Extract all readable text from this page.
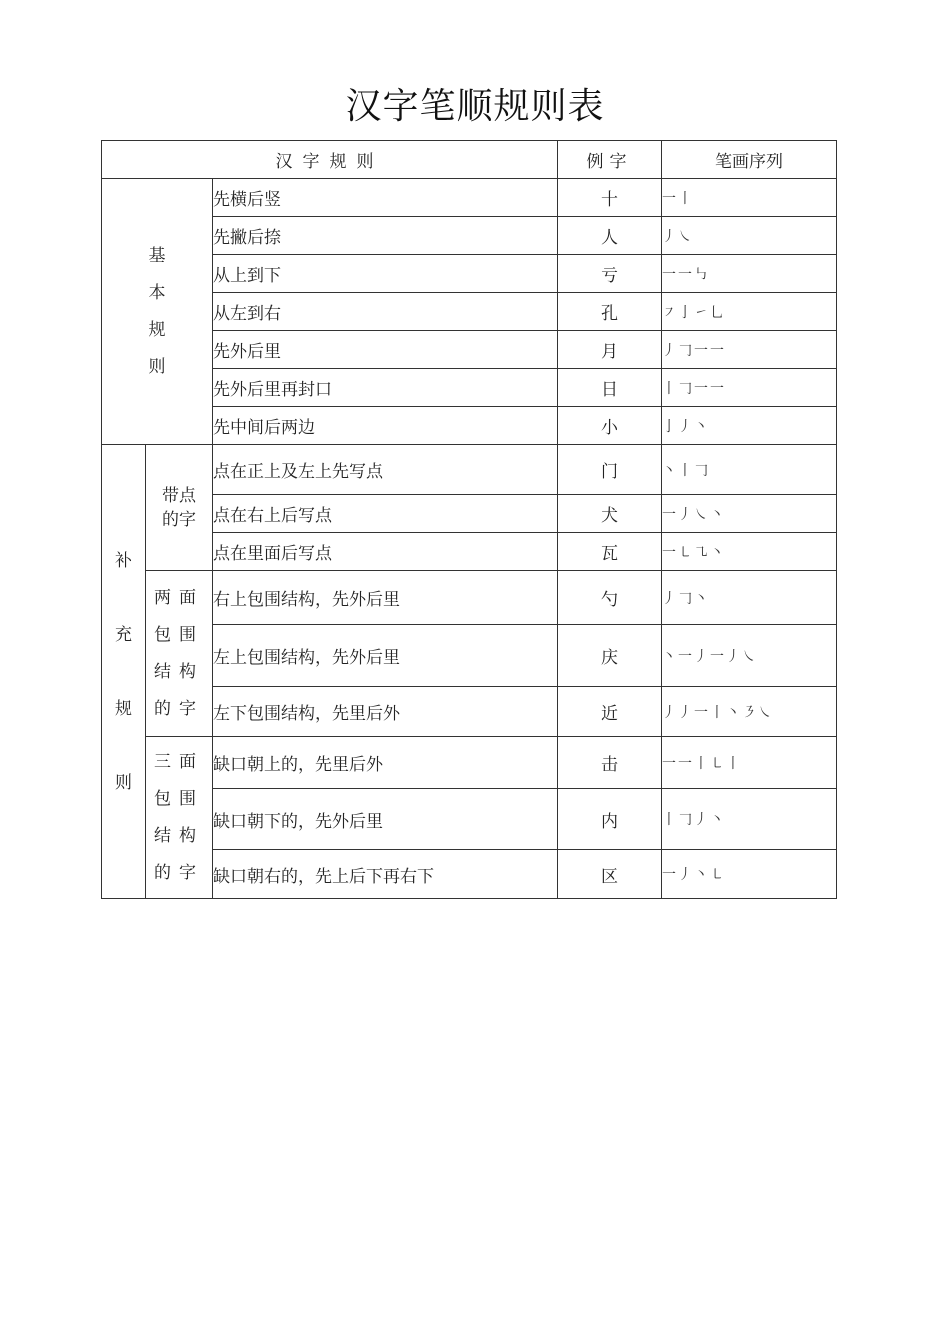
汉字笔顺规则表
汉字规则			例字	笔画序列

基
本
规
则		先横后竖	十	一丨
		先撇后捺	人	丿㇏
		从上到下	亏	一一㇉
		从左到右	孔	㇇亅㇀乚
		先外后里	月	丿𠃌一一
		先外后里再封口	日	丨𠃌一一
		先中间后两边	小	亅丿丶

补
充
规
则	带点的字	点在正上及左上先写点	门	丶丨𠃌
		点在右上后写点	犬	一丿㇏丶
		点在里面后写点	瓦	一㇄㇈丶

	两面包围结构的字	右上包围结构，先外后里	勺	丿𠃌丶
		左上包围结构，先外后里	庆	丶一丿一丿㇏
		左下包围结构，先里后外	近	丿丿一丨丶㇋㇏

	三面包围结构的字	缺口朝上的，先里后外	击	一一丨㇄丨
		缺口朝下的，先外后里	内	丨𠃌丿丶
		缺口朝右的，先上后下再右下	区	一丿丶㇄
